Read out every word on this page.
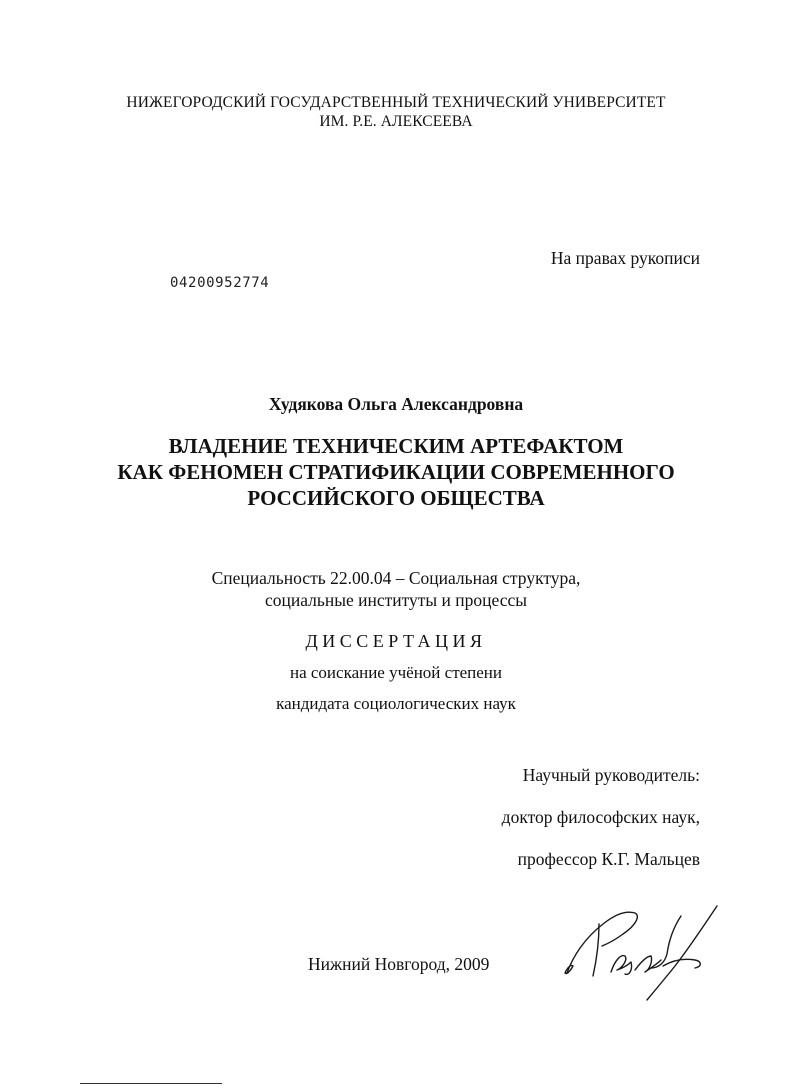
НИЖЕГОРОДСКИЙ ГОСУДАРСТВЕННЫЙ ТЕХНИЧЕСКИЙ УНИВЕРСИТЕТ
ИМ. Р.Е. АЛЕКСЕЕВА
На правах рукописи
04200952774
Худякова Ольга Александровна
ВЛАДЕНИЕ ТЕХНИЧЕСКИМ АРТЕФАКТОМ
КАК ФЕНОМЕН СТРАТИФИКАЦИИ СОВРЕМЕННОГО
РОССИЙСКОГО ОБЩЕСТВА
Специальность 22.00.04 – Социальная структура,
социальные институты и процессы
ДИССЕРТАЦИЯ
на соискание учёной степени
кандидата социологических наук
Научный руководитель:
доктор философских наук,
профессор К.Г. Мальцев
Нижний Новгород, 2009
